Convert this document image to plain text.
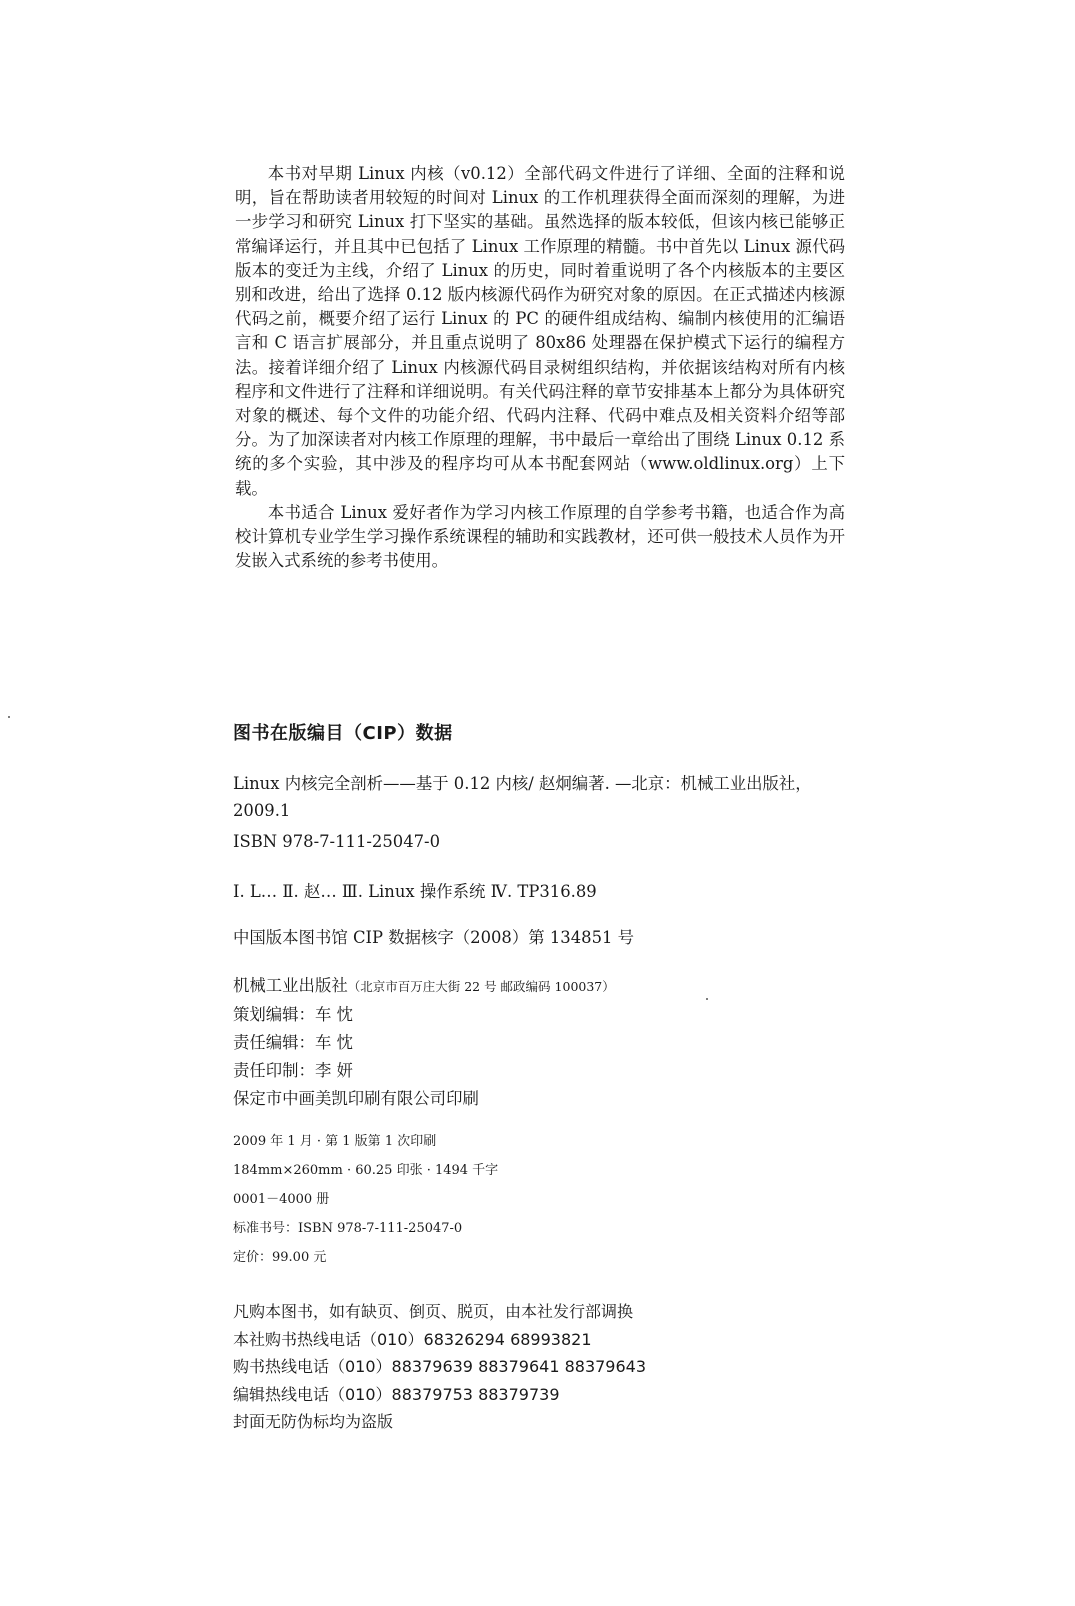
本书对早期 Linux 内核（v0.12）全部代码文件进行了详细、全面的注释和说明，旨在帮助读者用较短的时间对 Linux 的工作机理获得全面而深刻的理解，为进一步学习和研究 Linux 打下坚实的基础。虽然选择的版本较低，但该内核已能够正常编译运行，并且其中已包括了 Linux 工作原理的精髓。书中首先以 Linux 源代码版本的变迁为主线，介绍了 Linux 的历史，同时着重说明了各个内核版本的主要区别和改进，给出了选择 0.12 版内核源代码作为研究对象的原因。在正式描述内核源代码之前，概要介绍了运行 Linux 的 PC 的硬件组成结构、编制内核使用的汇编语言和 C 语言扩展部分，并且重点说明了 80x86 处理器在保护模式下运行的编程方法。接着详细介绍了 Linux 内核源代码目录树组织结构，并依据该结构对所有内核程序和文件进行了注释和详细说明。有关代码注释的章节安排基本上都分为具体研究对象的概述、每个文件的功能介绍、代码内注释、代码中难点及相关资料介绍等部分。为了加深读者对内核工作原理的理解，书中最后一章给出了围绕 Linux 0.12 系统的多个实验，其中涉及的程序均可从本书配套网站（www.oldlinux.org）上下载。

本书适合 Linux 爱好者作为学习内核工作原理的自学参考书籍，也适合作为高校计算机专业学生学习操作系统课程的辅助和实践教材，还可供一般技术人员作为开发嵌入式系统的参考书使用。

图书在版编目（CIP）数据

Linux 内核完全剖析——基于 0.12 内核/ 赵炯编著. —北京：机械工业出版社，2009.1

ISBN 978-7-111-25047-0

Ⅰ. L… Ⅱ. 赵… Ⅲ. Linux 操作系统 Ⅳ. TP316.89

中国版本图书馆 CIP 数据核字（2008）第 134851 号

机械工业出版社（北京市百万庄大街 22 号 邮政编码 100037）

策划编辑：车 忱

责任编辑：车 忱

责任印制：李 妍

保定市中画美凯印刷有限公司印刷

2009 年 1 月 · 第 1 版第 1 次印刷

184mm×260mm · 60.25 印张 · 1494 千字

0001－4000 册

标准书号：ISBN 978-7-111-25047-0

定价：99.00 元

凡购本图书，如有缺页、倒页、脱页，由本社发行部调换

本社购书热线电话（010）68326294 68993821

购书热线电话（010）88379639 88379641 88379643

编辑热线电话（010）88379753 88379739

封面无防伪标均为盗版
